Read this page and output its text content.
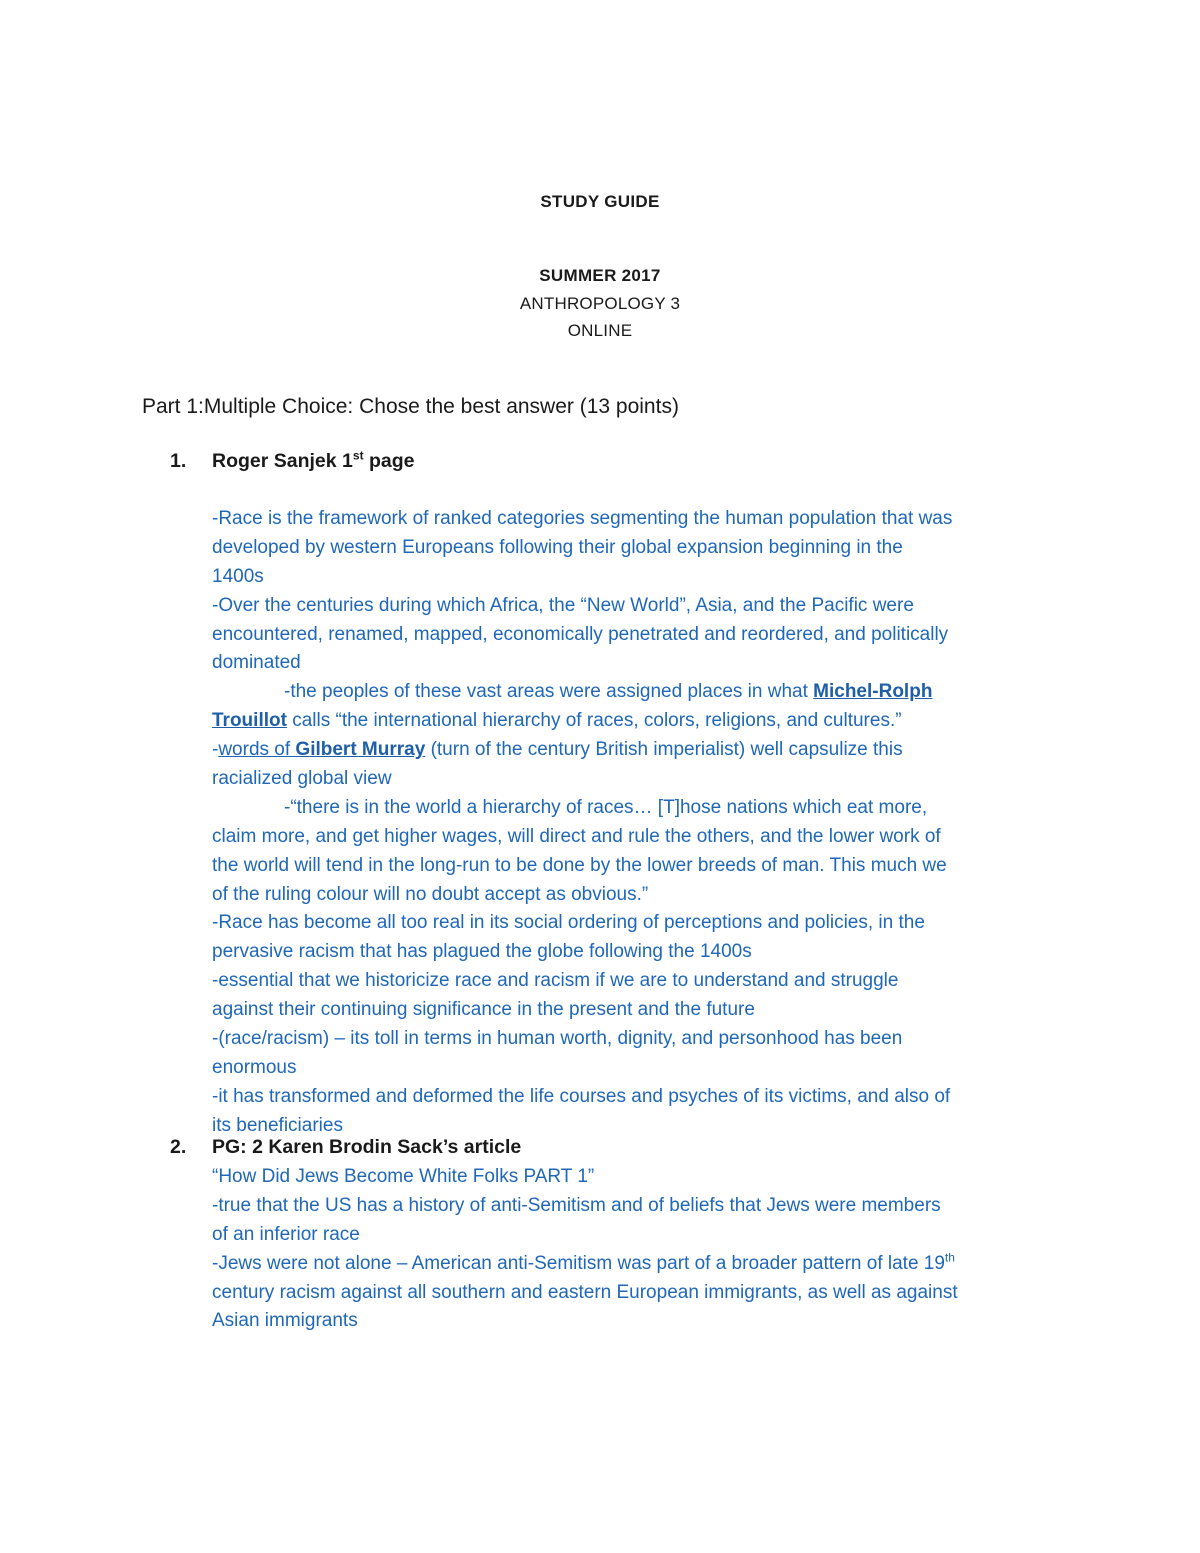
STUDY GUIDE
SUMMER 2017
ANTHROPOLOGY 3
ONLINE
Part 1:Multiple Choice: Chose the best answer (13 points)
1. Roger Sanjek 1st page
-Race is the framework of ranked categories segmenting the human population that was
developed by western Europeans following their global expansion beginning in the
1400s
-Over the centuries during which Africa, the “New World”, Asia, and the Pacific were
encountered, renamed, mapped, economically penetrated and reordered, and politically
dominated
-the peoples of these vast areas were assigned places in what Michel-Rolph
Trouillot calls “the international hierarchy of races, colors, religions, and cultures.”
-words of Gilbert Murray (turn of the century British imperialist) well capsulize this
racialized global view
-“there is in the world a hierarchy of races… [T]hose nations which eat more,
claim more, and get higher wages, will direct and rule the others, and the lower work of
the world will tend in the long-run to be done by the lower breeds of man. This much we
of the ruling colour will no doubt accept as obvious.”
-Race has become all too real in its social ordering of perceptions and policies, in the
pervasive racism that has plagued the globe following the 1400s
-essential that we historicize race and racism if we are to understand and struggle
against their continuing significance in the present and the future
-(race/racism) – its toll in terms in human worth, dignity, and personhood has been
enormous
-it has transformed and deformed the life courses and psyches of its victims, and also of
its beneficiaries
2. PG: 2 Karen Brodin Sack’s article
“How Did Jews Become White Folks PART 1”
-true that the US has a history of anti-Semitism and of beliefs that Jews were members
of an inferior race
-Jews were not alone – American anti-Semitism was part of a broader pattern of late 19th
century racism against all southern and eastern European immigrants, as well as against
Asian immigrants
